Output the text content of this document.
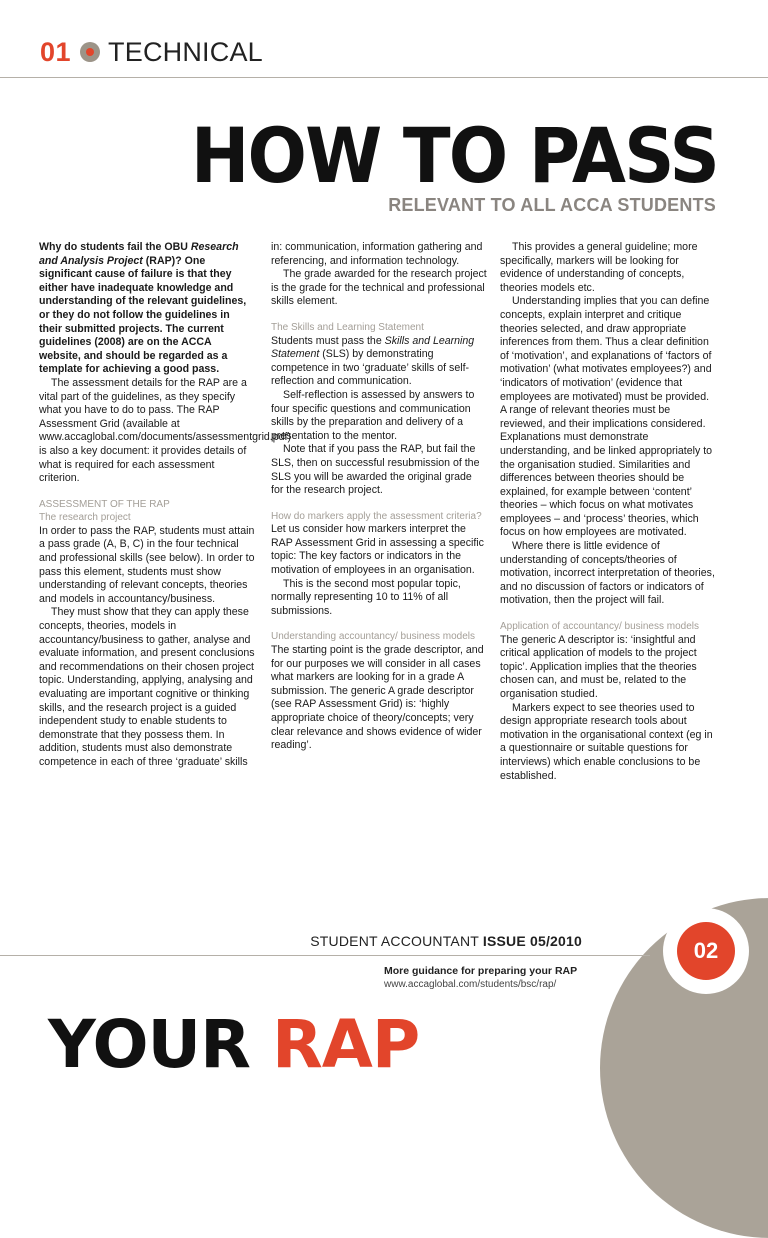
01 TECHNICAL
HOW TO PASS
RELEVANT TO ALL ACCA STUDENTS

Why do students fail the OBU Research and Analysis Project (RAP)? One significant cause of failure is that they either have inadequate knowledge and understanding of the relevant guidelines, or they do not follow the guidelines in their submitted projects. The current guidelines (2008) are on the ACCA website, and should be regarded as a template for achieving a good pass.

The assessment details for the RAP are a vital part of the guidelines, as they specify what you have to do to pass. The RAP Assessment Grid (available at www.accaglobal.com/documents/assessmentgrid.pdf) is also a key document: it provides details of what is required for each assessment criterion.

ASSESSMENT OF THE RAP
The research project

In order to pass the RAP, students must attain a pass grade (A, B, C) in the four technical and professional skills (see below). In order to pass this element, students must show understanding of relevant concepts, theories and models in accountancy/business.

They must show that they can apply these concepts, theories, models in accountancy/business to gather, analyse and evaluate information, and present conclusions and recommendations on their chosen project topic. Understanding, applying, analysing and evaluating are important cognitive or thinking skills, and the research project is a guided independent study to enable students to demonstrate that they possess them. In addition, students must also demonstrate competence in each of three ‘graduate’ skills

in: communication, information gathering and referencing, and information technology.

The grade awarded for the research project is the grade for the technical and professional skills element.

The Skills and Learning Statement

Students must pass the Skills and Learning Statement (SLS) by demonstrating competence in two ‘graduate’ skills of self-reflection and communication.

Self-reflection is assessed by answers to four specific questions and communication skills by the preparation and delivery of a presentation to the mentor.

Note that if you pass the RAP, but fail the SLS, then on successful resubmission of the SLS you will be awarded the original grade for the research project.

How do markers apply the assessment criteria?

Let us consider how markers interpret the RAP Assessment Grid in assessing a specific topic: The key factors or indicators in the motivation of employees in an organisation.

This is the second most popular topic, normally representing 10 to 11% of all submissions.

Understanding accountancy/ business models

The starting point is the grade descriptor, and for our purposes we will consider in all cases what markers are looking for in a grade A submission. The generic A grade descriptor (see RAP Assessment Grid) is: ‘highly appropriate choice of theory/concepts; very clear relevance and shows evidence of wider reading’.

This provides a general guideline; more specifically, markers will be looking for evidence of understanding of concepts, theories models etc.

Understanding implies that you can define concepts, explain interpret and critique theories selected, and draw appropriate inferences from them. Thus a clear definition of ‘motivation’, and explanations of ‘factors of motivation’ (what motivates employees?) and ‘indicators of motivation’ (evidence that employees are motivated) must be provided. A range of relevant theories must be reviewed, and their implications considered. Explanations must demonstrate understanding, and be linked appropriately to the organisation studied. Similarities and differences between theories should be explained, for example between ‘content’ theories – which focus on what motivates employees – and ‘process’ theories, which focus on how employees are motivated.

Where there is little evidence of understanding of concepts/theories of motivation, incorrect interpretation of theories, and no discussion of factors or indicators of motivation, then the project will fail.

Application of accountancy/ business models

The generic A descriptor is: ‘insightful and critical application of models to the project topic’. Application implies that the theories chosen can, and must be, related to the organisation studied.

Markers expect to see theories used to design appropriate research tools about motivation in the organisational context (eg in a questionnaire or suitable questions for interviews) which enable conclusions to be established.

02
STUDENT ACCOUNTANT ISSUE 05/2010
More guidance for preparing your RAP
www.accaglobal.com/students/bsc/rap/
YOUR RAP
